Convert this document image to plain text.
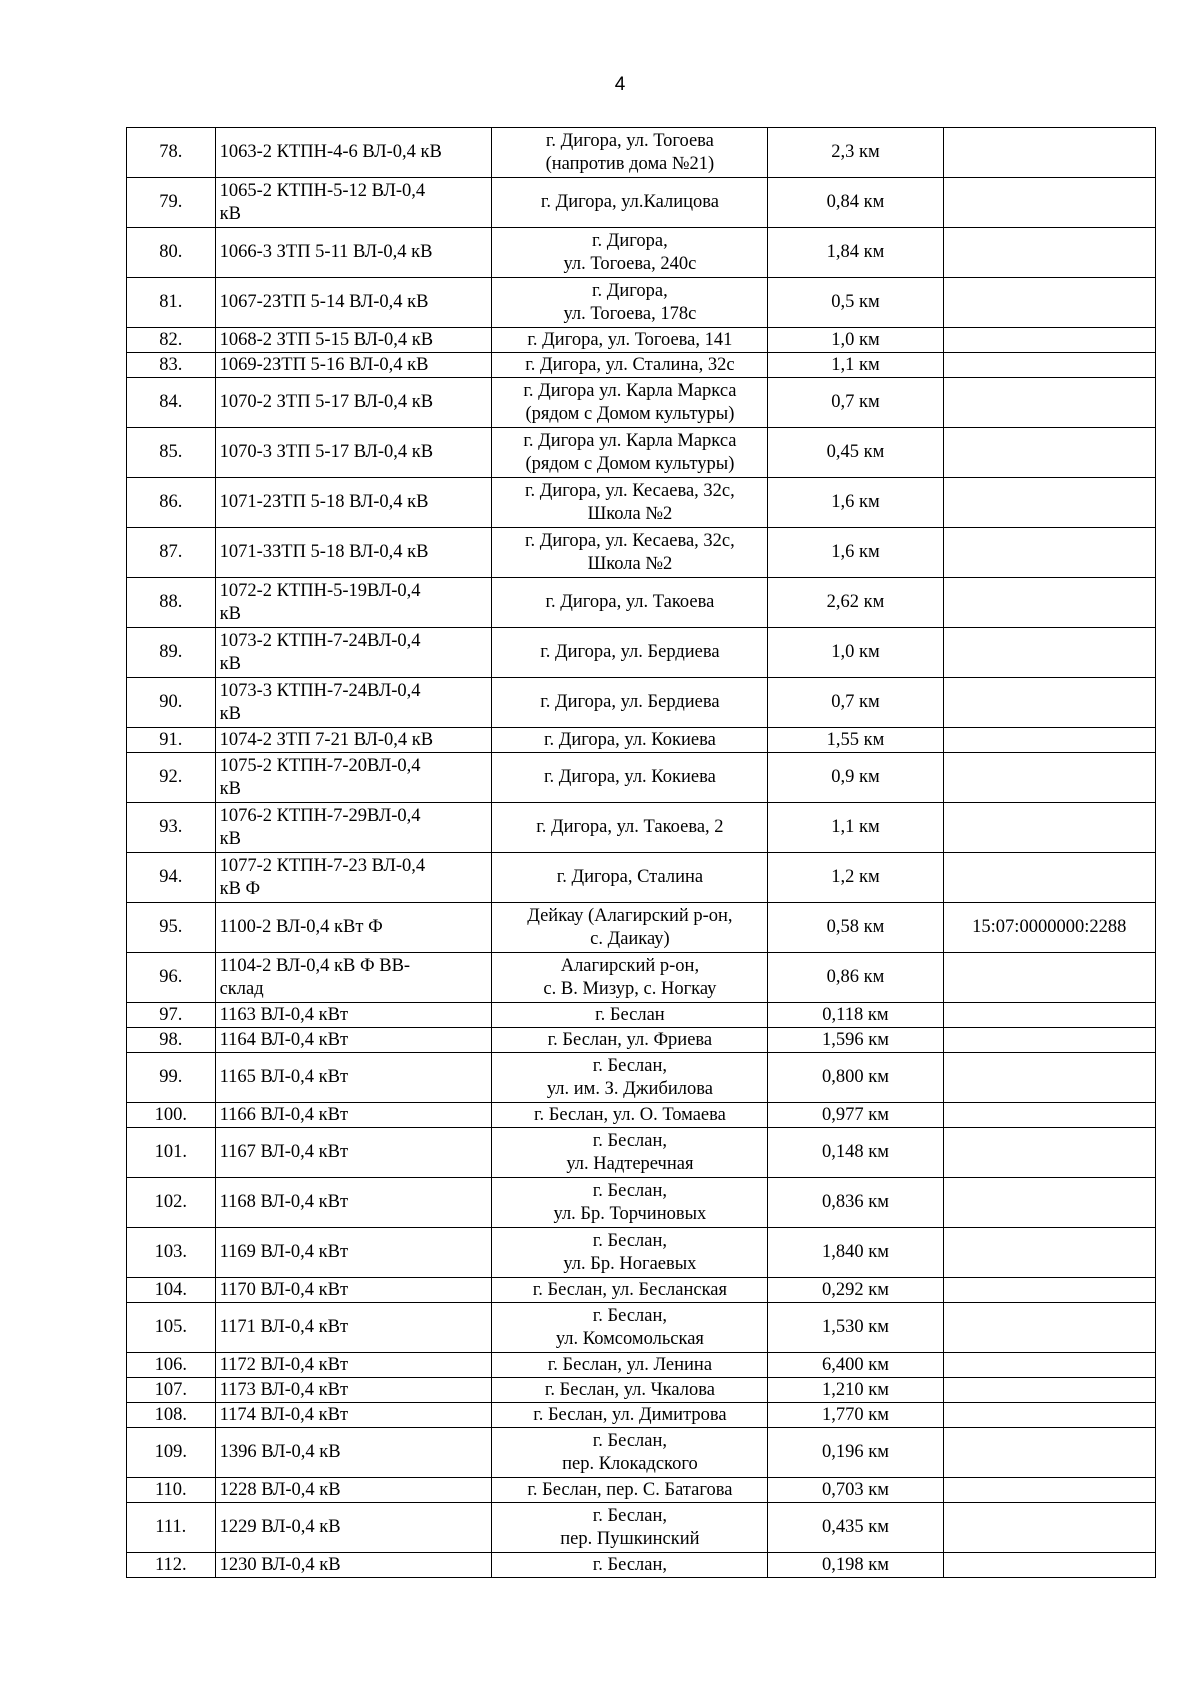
4
78.	1063-2 КТПН-4-6 ВЛ-0,4 кВ	г. Дигора, ул. Тогоева
(напротив дома №21)	2,3 км	
79.	1065-2 КТПН-5-12 ВЛ-0,4
кВ	г. Дигора, ул.Калицова	0,84 км	
80.	1066-3 ЗТП 5-11 ВЛ-0,4 кВ	г. Дигора,
ул. Тогоева, 240с	1,84 км	
81.	1067-2ЗТП 5-14 ВЛ-0,4 кВ	г. Дигора,
ул. Тогоева, 178с	0,5 км	
82.	1068-2 ЗТП 5-15 ВЛ-0,4 кВ	г. Дигора, ул. Тогоева, 141	1,0 км	
83.	1069-2ЗТП 5-16 ВЛ-0,4 кВ	г. Дигора, ул. Сталина, 32с	1,1 км	
84.	1070-2 ЗТП 5-17 ВЛ-0,4 кВ	г. Дигора ул. Карла Маркса
(рядом с Домом культуры)	0,7 км	
85.	1070-3 ЗТП 5-17 ВЛ-0,4 кВ	г. Дигора ул. Карла Маркса
(рядом с Домом культуры)	0,45 км	
86.	1071-2ЗТП 5-18 ВЛ-0,4 кВ	г. Дигора, ул. Кесаева, 32с,
Школа №2	1,6 км	
87.	1071-3ЗТП 5-18 ВЛ-0,4 кВ	г. Дигора, ул. Кесаева, 32с,
Школа №2	1,6 км	
88.	1072-2 КТПН-5-19ВЛ-0,4
кВ	г. Дигора, ул. Такоева	2,62 км	
89.	1073-2 КТПН-7-24ВЛ-0,4
кВ	г. Дигора, ул. Бердиева	1,0 км	
90.	1073-3 КТПН-7-24ВЛ-0,4
кВ	г. Дигора, ул. Бердиева	0,7 км	
91.	1074-2 ЗТП 7-21 ВЛ-0,4 кВ	г. Дигора, ул. Кокиева	1,55 км	
92.	1075-2 КТПН-7-20ВЛ-0,4
кВ	г. Дигора, ул. Кокиева	0,9 км	
93.	1076-2 КТПН-7-29ВЛ-0,4
кВ	г. Дигора, ул. Такоева, 2	1,1 км	
94.	1077-2 КТПН-7-23 ВЛ-0,4
кВ Ф	г. Дигора, Сталина	1,2 км	
95.	1100-2 ВЛ-0,4 кВт Ф	Дейкау (Алагирский р-он,
с. Даикау)	0,58 км	15:07:0000000:2288
96.	1104-2 ВЛ-0,4 кВ Ф ВВ-
склад	Алагирский р-он,
с. В. Мизур, с. Ногкау	0,86 км	
97.	1163 ВЛ-0,4 кВт	г. Беслан	0,118 км	
98.	1164 ВЛ-0,4 кВт	г. Беслан, ул. Фриева	1,596 км	
99.	1165 ВЛ-0,4 кВт	г. Беслан,
ул. им. З. Джибилова	0,800 км	
100.	1166 ВЛ-0,4 кВт	г. Беслан, ул. О. Томаева	0,977 км	
101.	1167 ВЛ-0,4 кВт	г. Беслан,
ул. Надтеречная	0,148 км	
102.	1168 ВЛ-0,4 кВт	г. Беслан,
ул. Бр. Торчиновых	0,836 км	
103.	1169 ВЛ-0,4 кВт	г. Беслан,
ул. Бр. Ногаевых	1,840 км	
104.	1170 ВЛ-0,4 кВт	г. Беслан, ул. Бесланская	0,292 км	
105.	1171 ВЛ-0,4 кВт	г. Беслан,
ул. Комсомольская	1,530 км	
106.	1172 ВЛ-0,4 кВт	г. Беслан, ул. Ленина	6,400 км	
107.	1173 ВЛ-0,4 кВт	г. Беслан, ул. Чкалова	1,210 км	
108.	1174 ВЛ-0,4 кВт	г. Беслан, ул. Димитрова	1,770 км	
109.	1396 ВЛ-0,4 кВ	г. Беслан,
пер. Клокадского	0,196 км	
110.	1228 ВЛ-0,4 кВ	г. Беслан, пер. С. Батагова	0,703 км	
111.	1229 ВЛ-0,4 кВ	г. Беслан,
пер. Пушкинский	0,435 км	
112.	1230 ВЛ-0,4 кВ	г. Беслан,	0,198 км	
